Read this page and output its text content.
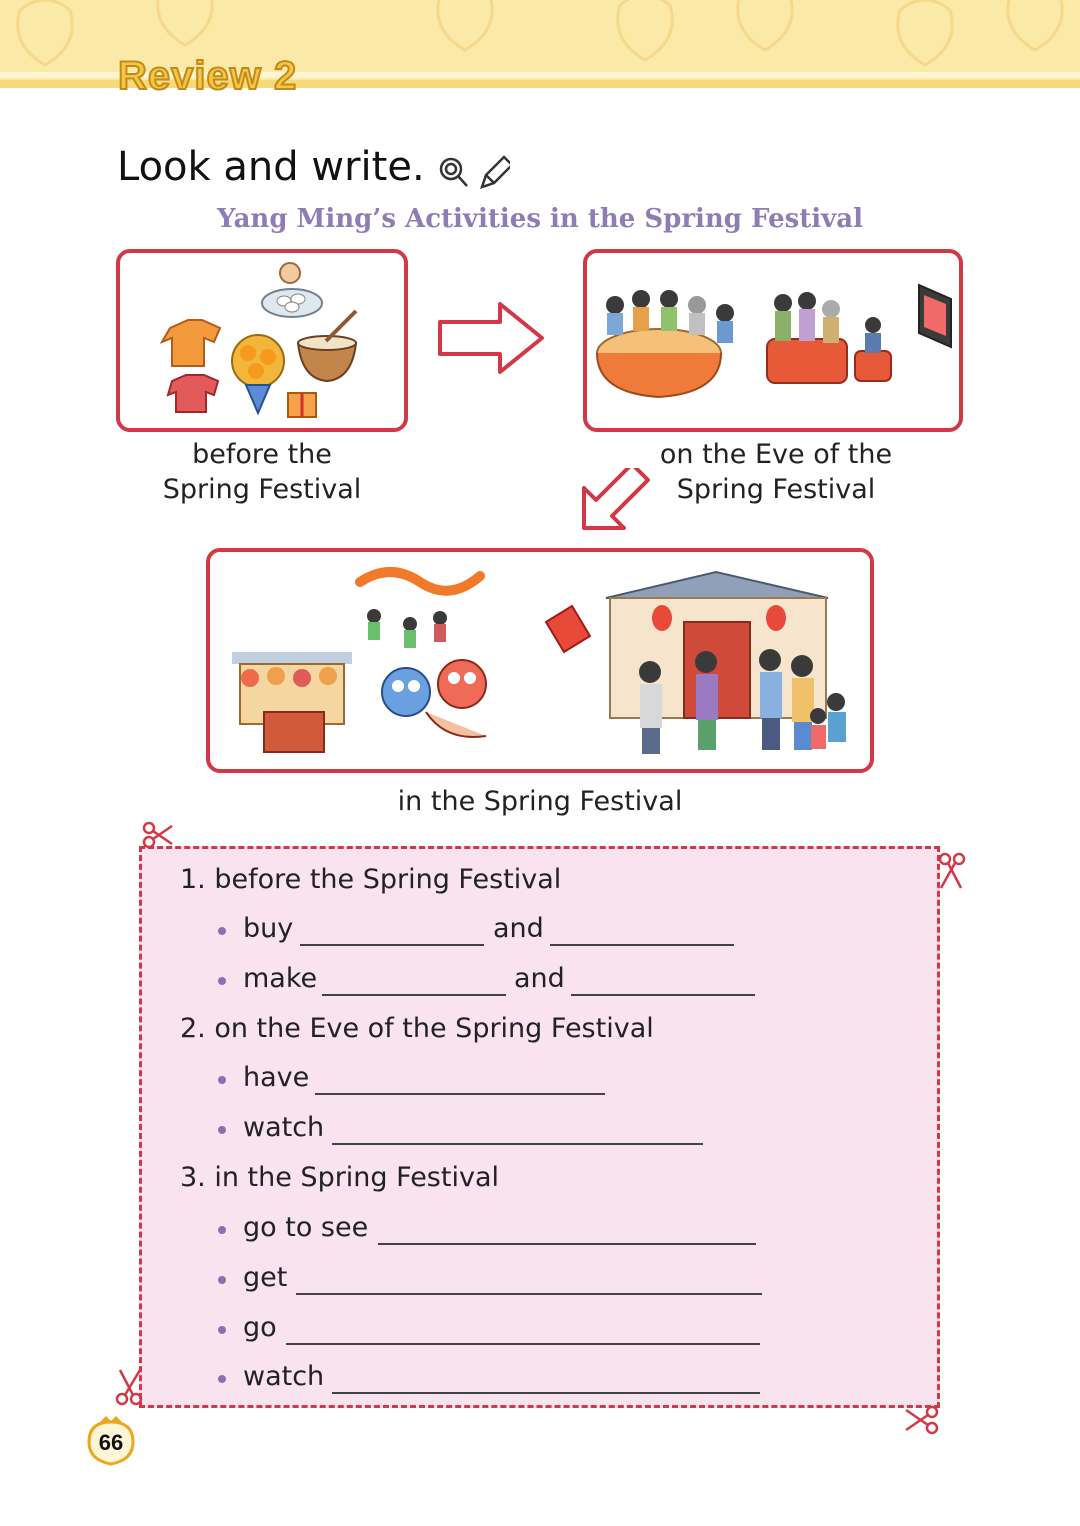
Review 2
Look and write.
Yang Ming’s Activities in the Spring Festival
before the
Spring Festival
on the Eve of the
Spring Festival
in the Spring Festival
1. before the Spring Festival
buy	and
make	and
2. on the Eve of the Spring Festival
have
watch
3. in the Spring Festival
go to see
get
go
watch
66
